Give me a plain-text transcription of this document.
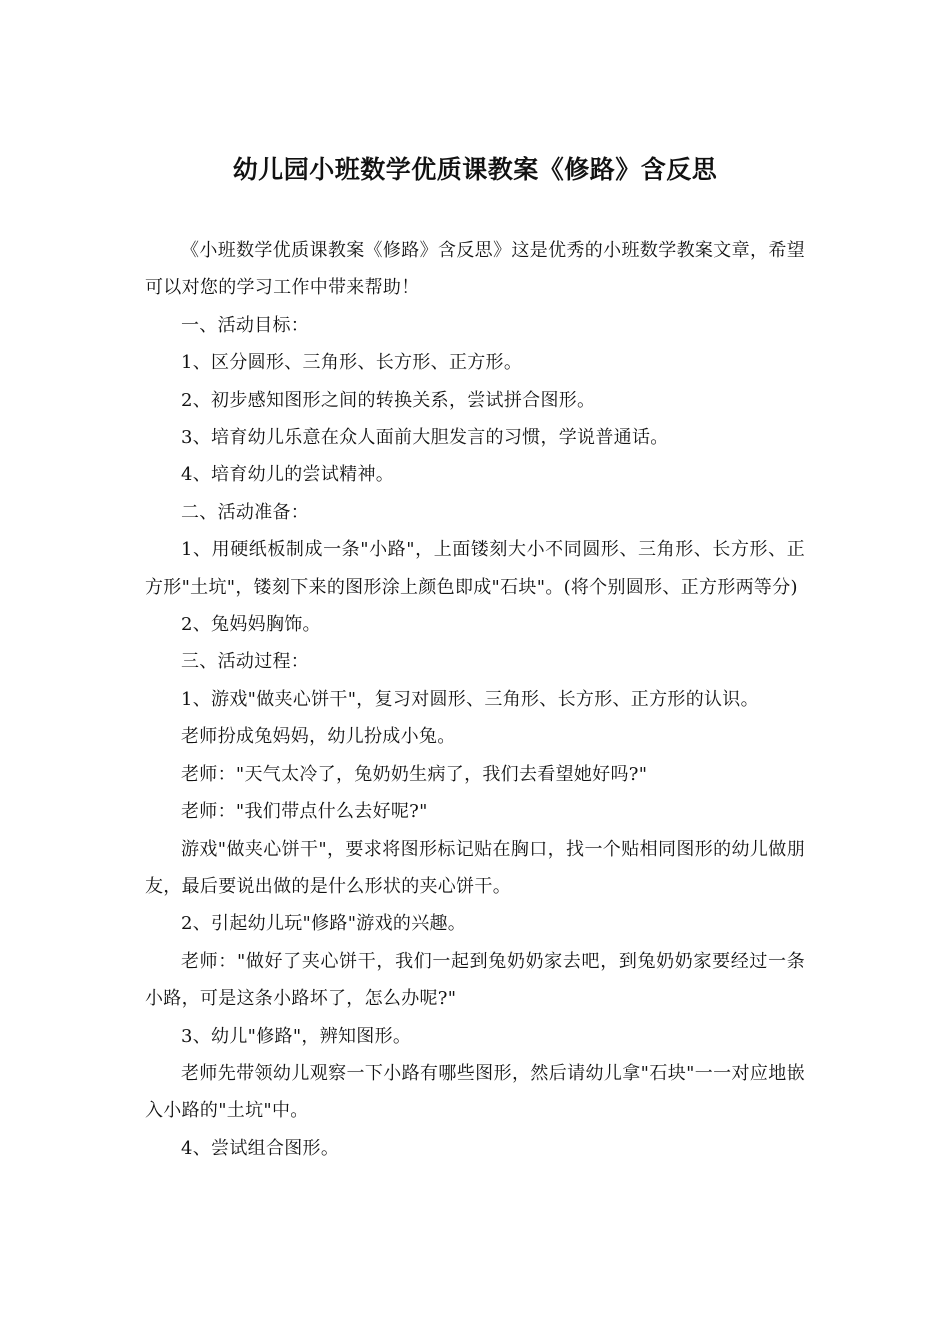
幼儿园小班数学优质课教案《修路》含反思

《小班数学优质课教案《修路》含反思》这是优秀的小班数学教案文章，希望可以对您的学习工作中带来帮助！

一、活动目标：

1、区分圆形、三角形、长方形、正方形。

2、初步感知图形之间的转换关系，尝试拼合图形。

3、培育幼儿乐意在众人面前大胆发言的习惯，学说普通话。

4、培育幼儿的尝试精神。

二、活动准备：

1、用硬纸板制成一条"小路"，上面镂刻大小不同圆形、三角形、长方形、正方形"土坑"，镂刻下来的图形涂上颜色即成"石块"。(将个别圆形、正方形两等分)

2、兔妈妈胸饰。

三、活动过程：

1、游戏"做夹心饼干"，复习对圆形、三角形、长方形、正方形的认识。

老师扮成兔妈妈，幼儿扮成小兔。

老师："天气太冷了，兔奶奶生病了，我们去看望她好吗?"

老师："我们带点什么去好呢?"

游戏"做夹心饼干"，要求将图形标记贴在胸口，找一个贴相同图形的幼儿做朋友，最后要说出做的是什么形状的夹心饼干。

2、引起幼儿玩"修路"游戏的兴趣。

老师："做好了夹心饼干，我们一起到兔奶奶家去吧，到兔奶奶家要经过一条小路，可是这条小路坏了，怎么办呢?"

3、幼儿"修路"，辨知图形。

老师先带领幼儿观察一下小路有哪些图形，然后请幼儿拿"石块"一一对应地嵌入小路的"土坑"中。

4、尝试组合图形。
